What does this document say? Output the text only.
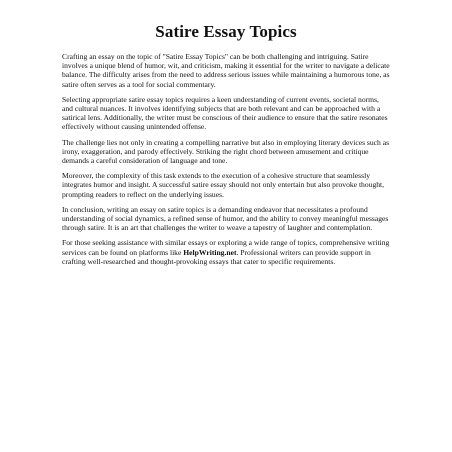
Satire Essay Topics

Crafting an essay on the topic of "Satire Essay Topics" can be both challenging and intriguing. Satire involves a unique blend of humor, wit, and criticism, making it essential for the writer to navigate a delicate balance. The difficulty arises from the need to address serious issues while maintaining a humorous tone, as satire often serves as a tool for social commentary.

Selecting appropriate satire essay topics requires a keen understanding of current events, societal norms, and cultural nuances. It involves identifying subjects that are both relevant and can be approached with a satirical lens. Additionally, the writer must be conscious of their audience to ensure that the satire resonates effectively without causing unintended offense.

The challenge lies not only in creating a compelling narrative but also in employing literary devices such as irony, exaggeration, and parody effectively. Striking the right chord between amusement and critique demands a careful consideration of language and tone.

Moreover, the complexity of this task extends to the execution of a cohesive structure that seamlessly integrates humor and insight. A successful satire essay should not only entertain but also provoke thought, prompting readers to reflect on the underlying issues.

In conclusion, writing an essay on satire topics is a demanding endeavor that necessitates a profound understanding of social dynamics, a refined sense of humor, and the ability to convey meaningful messages through satire. It is an art that challenges the writer to weave a tapestry of laughter and contemplation.

For those seeking assistance with similar essays or exploring a wide range of topics, comprehensive writing services can be found on platforms like HelpWriting.net. Professional writers can provide support in crafting well-researched and thought-provoking essays that cater to specific requirements.
